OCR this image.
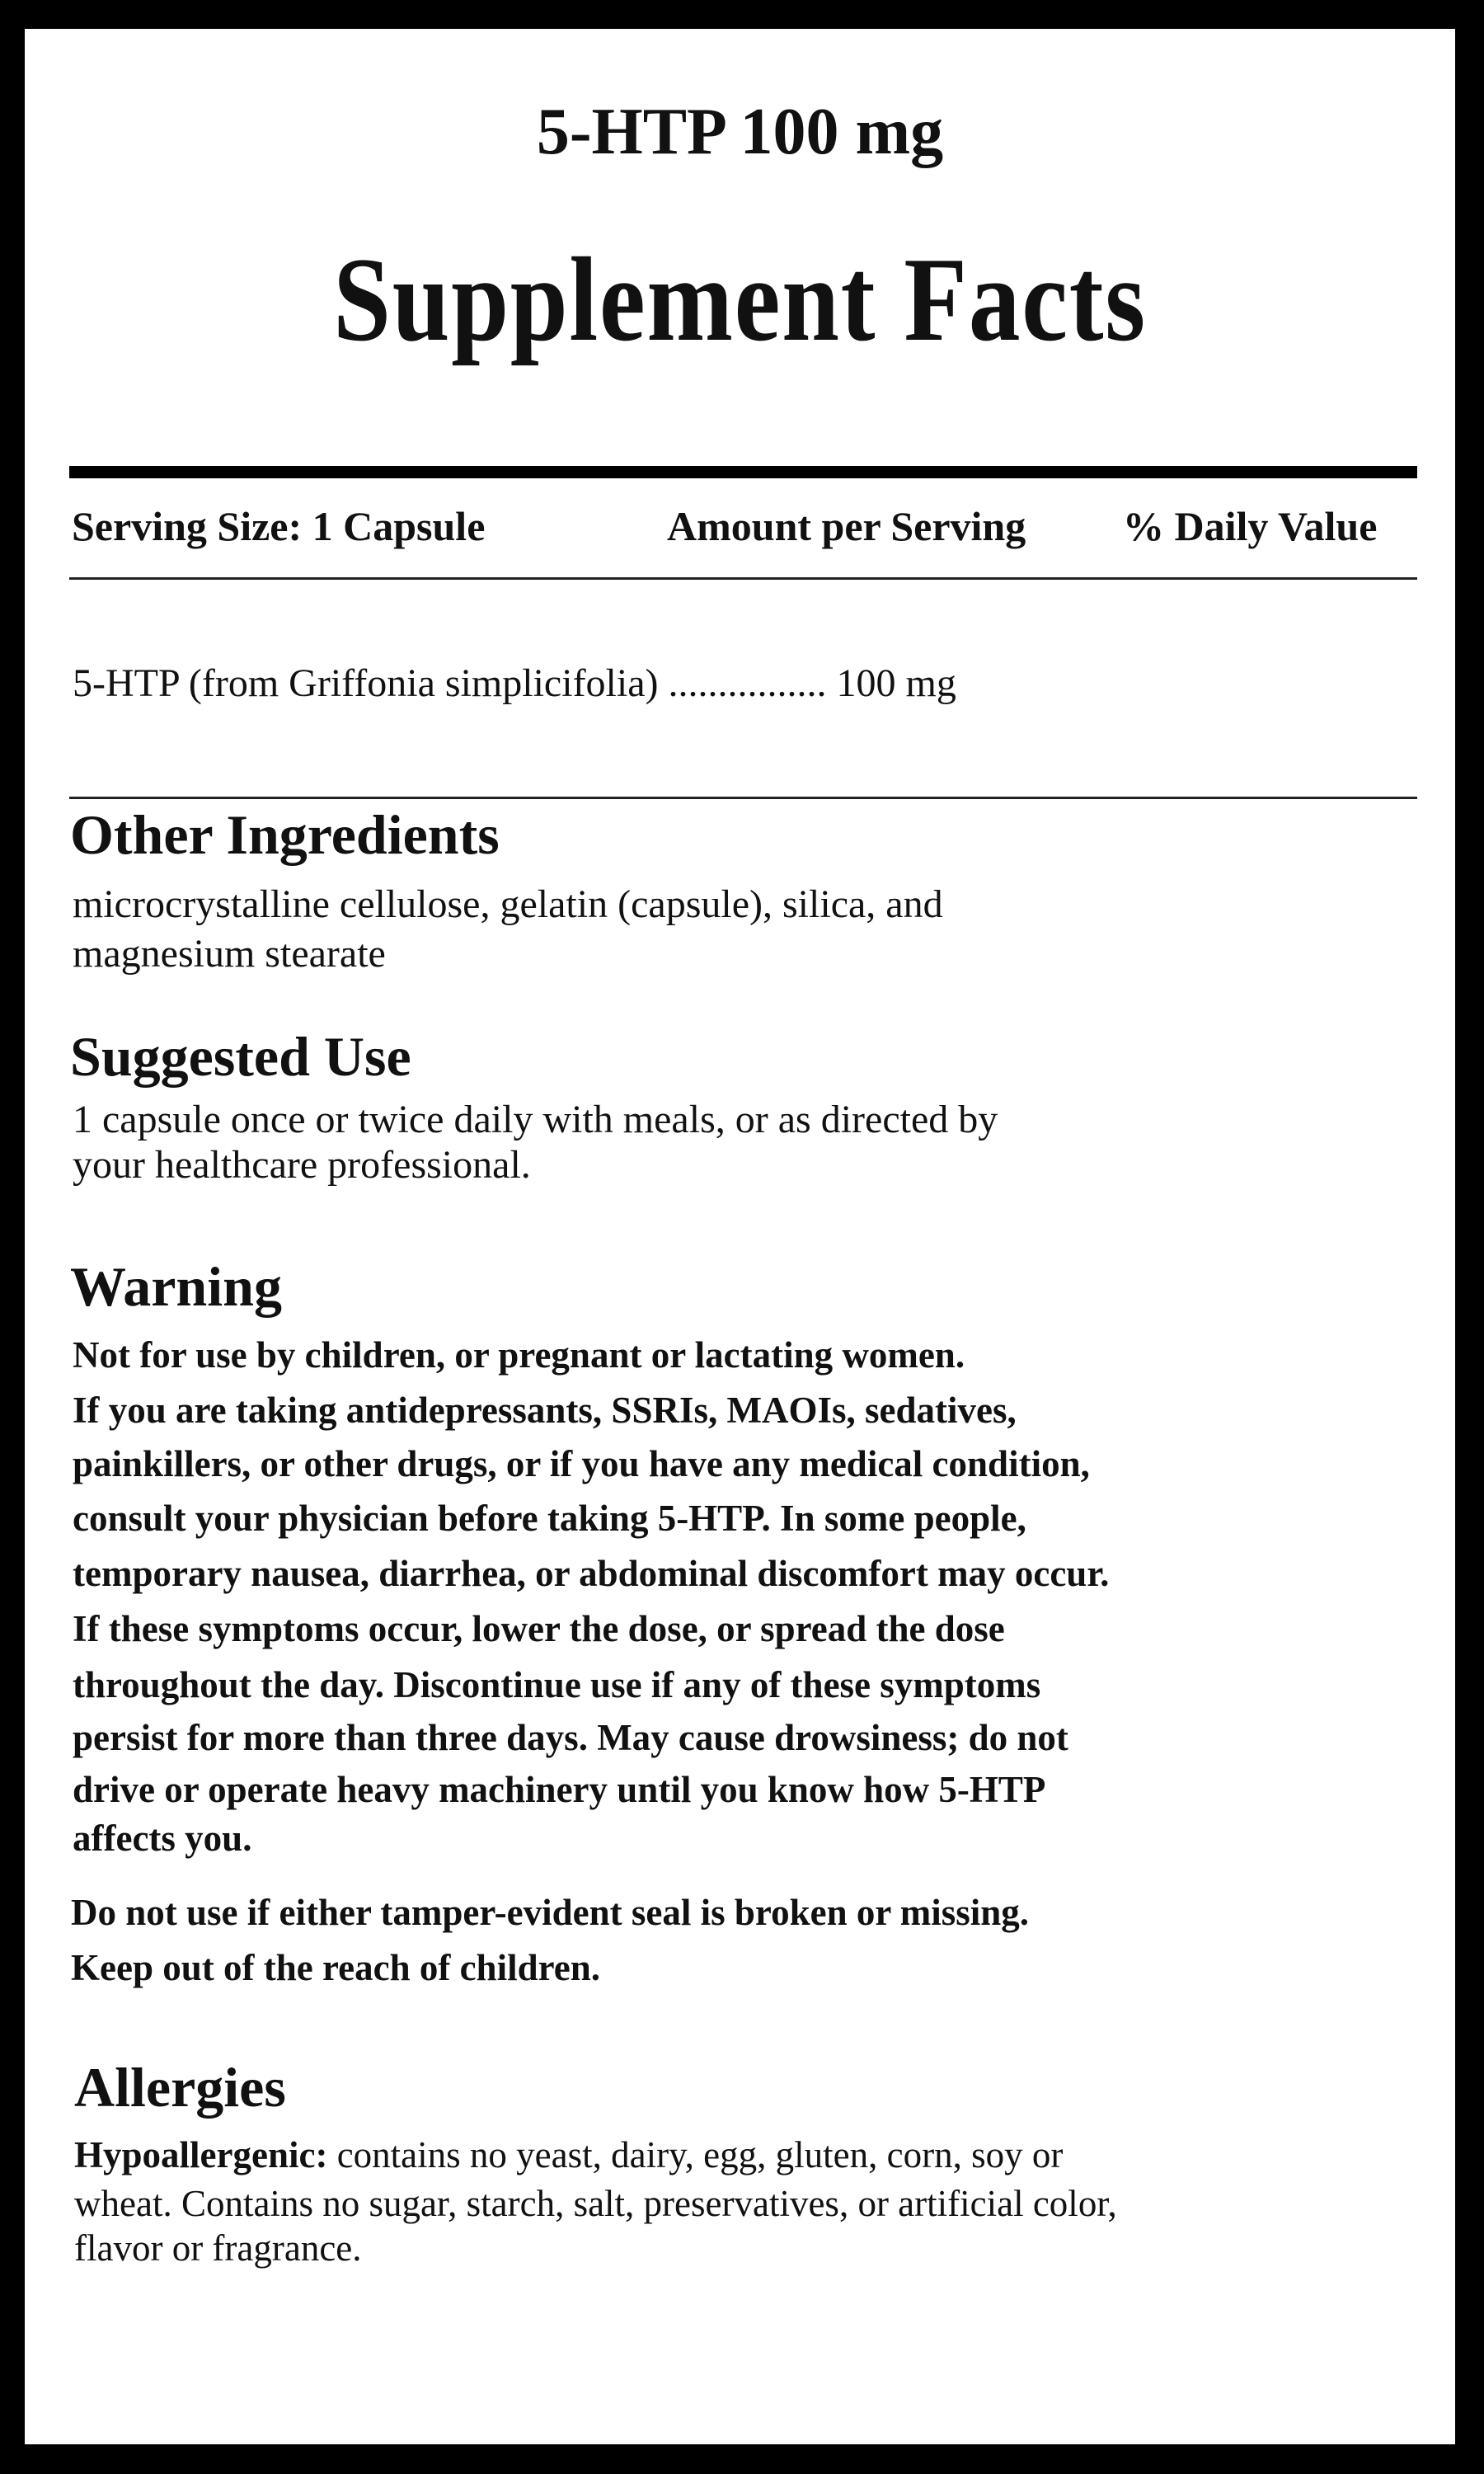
5-HTP 100 mg
Supplement Facts
Serving Size: 1 Capsule	Amount per Serving % Daily Value
5-HTP (from Griffonia simplicifolia) ................ 100 mg
Other Ingredients
microcrystalline cellulose, gelatin (capsule), silica, and
magnesium stearate
Suggested Use
1 capsule once or twice daily with meals, or as directed by
your healthcare professional.
Warning
Not for use by children, or pregnant or lactating women.
If you are taking antidepressants, SSRIs, MAOIs, sedatives,
painkillers, or other drugs, or if you have any medical condition,
consult your physician before taking 5-HTP. In some people,
temporary nausea, diarrhea, or abdominal discomfort may occur.
If these symptoms occur, lower the dose, or spread the dose
throughout the day. Discontinue use if any of these symptoms
persist for more than three days. May cause drowsiness; do not
drive or operate heavy machinery until you know how 5-HTP
affects you.
Do not use if either tamper-evident seal is broken or missing.
Keep out of the reach of children.
Allergies
Hypoallergenic: contains no yeast, dairy, egg, gluten, corn, soy or
wheat. Contains no sugar, starch, salt, preservatives, or artificial color,
flavor or fragrance.
